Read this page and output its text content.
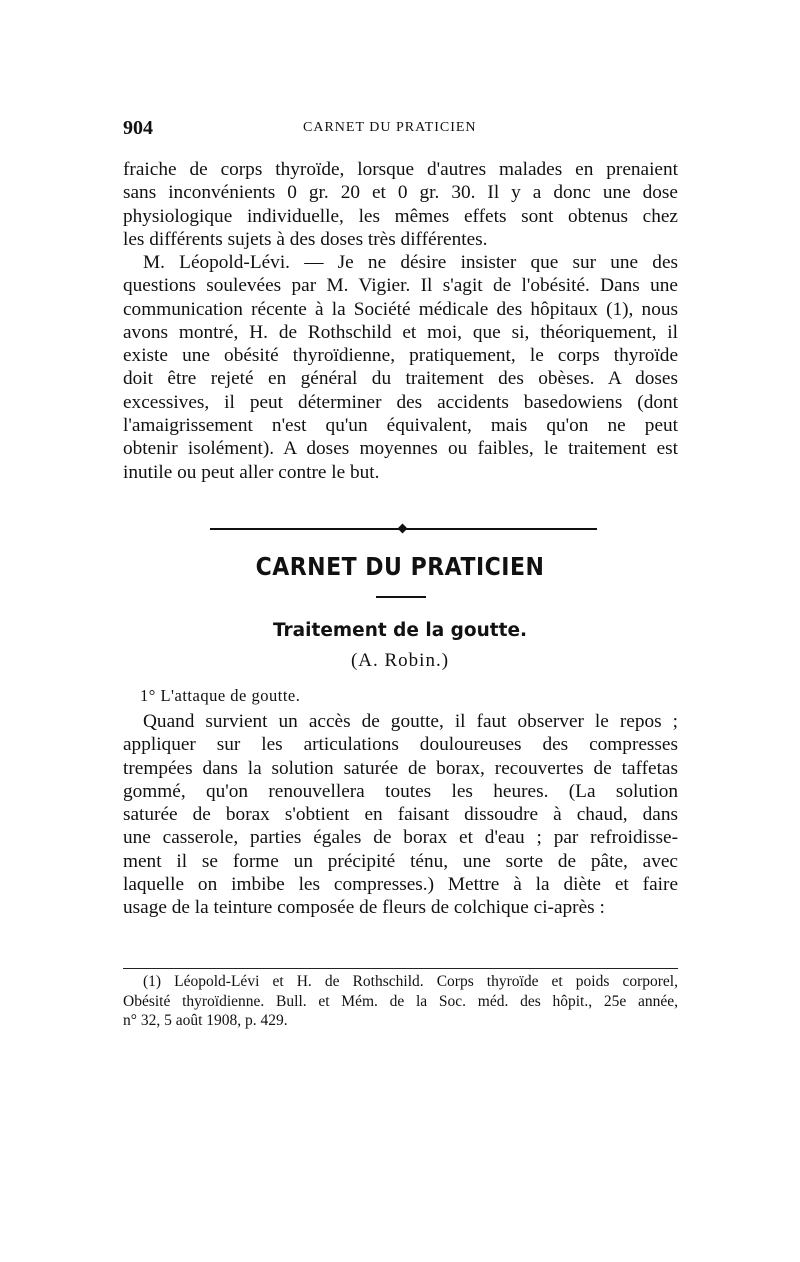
904	CARNET DU PRATICIEN

fraiche de corps thyroïde, lorsque d'autres malades en prenaient
sans inconvénients 0 gr. 20 et 0 gr. 30. Il y a donc une dose
physiologique individuelle, les mêmes effets sont obtenus chez
les différents sujets à des doses très différentes.

M. Léopold-Lévi. — Je ne désire insister que sur une des
questions soulevées par M. Vigier. Il s'agit de l'obésité. Dans une
communication récente à la Société médicale des hôpitaux (1), nous
avons montré, H. de Rothschild et moi, que si, théoriquement, il
existe une obésité thyroïdienne, pratiquement, le corps thyroïde
doit être rejeté en général du traitement des obèses. A doses
excessives, il peut déterminer des accidents basedowiens (dont
l'amaigrissement n'est qu'un équivalent, mais qu'on ne peut
obtenir isolément). A doses moyennes ou faibles, le traitement est
inutile ou peut aller contre le but.

CARNET DU PRATICIEN
Traitement de la goutte.
(A. Robin.)
1° L'attaque de goutte.

Quand survient un accès de goutte, il faut observer le repos ;
appliquer sur les articulations douloureuses des compresses
trempées dans la solution saturée de borax, recouvertes de taffetas
gommé, qu'on renouvellera toutes les heures. (La solution
saturée de borax s'obtient en faisant dissoudre à chaud, dans
une casserole, parties égales de borax et d'eau ; par refroidisse-
ment il se forme un précipité ténu, une sorte de pâte, avec
laquelle on imbibe les compresses.) Mettre à la diète et faire
usage de la teinture composée de fleurs de colchique ci-après :

(1) Léopold-Lévi et H. de Rothschild. Corps thyroïde et poids corporel,
Obésité thyroïdienne. Bull. et Mém. de la Soc. méd. des hôpit., 25e année,
n° 32, 5 août 1908, p. 429.
